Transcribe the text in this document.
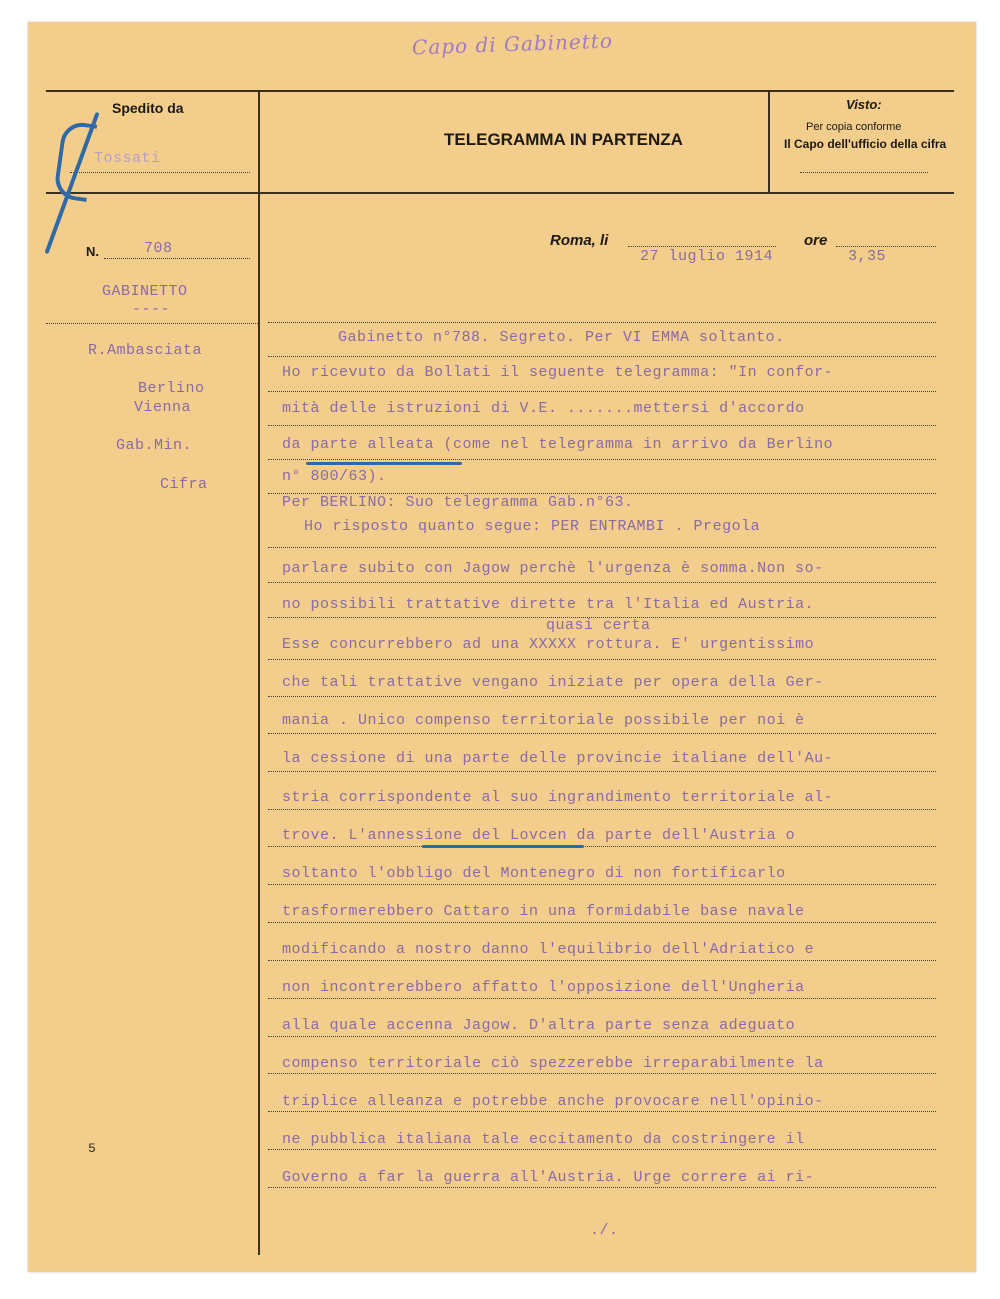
Capo di Gabinetto
Spedito da
Tossati
TELEGRAMMA IN PARTENZA
Visto:
Per copia conforme
Il Capo dell'ufficio della cifra
N.	708
GABINETTO
----
R.Ambasciata
Berlino
Vienna
Gab.Min.
Cifra
Roma, li	ore
27 luglio 1914	3,35
Gabinetto n°788. Segreto. Per VI EMMA soltanto.
Ho ricevuto da Bollati il seguente telegramma: "In confor-
mità delle istruzioni di V.E. .......mettersi d'accordo
da parte alleata (come nel telegramma in arrivo da Berlino
n° 800/63).
Per BERLINO: Suo telegramma Gab.n°63.
Ho risposto quanto segue: PER ENTRAMBI . Pregola
parlare subito con Jagow perchè l'urgenza è somma.Non so-
no possibili trattative dirette tra l'Italia ed Austria.
quasi certa
Esse concurrebbero ad una XXXXX rottura. E' urgentissimo
che tali trattative vengano iniziate per opera della Ger-
mania . Unico compenso territoriale possibile per noi è
la cessione di una parte delle provincie italiane dell'Au-
stria corrispondente al suo ingrandimento territoriale al-
trove. L'annessione del Lovcen da parte dell'Austria o
soltanto l'obbligo del Montenegro di non fortificarlo
trasformerebbero Cattaro in una formidabile base navale
modificando a nostro danno l'equilibrio dell'Adriatico e
non incontrerebbero affatto l'opposizione dell'Ungheria
alla quale accenna Jagow. D'altra parte senza adeguato
compenso territoriale ciò spezzerebbe irreparabilmente la
triplice alleanza e potrebbe anche provocare nell'opinio-
ne pubblica italiana tale eccitamento da costringere il
Governo a far la guerra all'Austria. Urge correre ai ri-
./.
5
